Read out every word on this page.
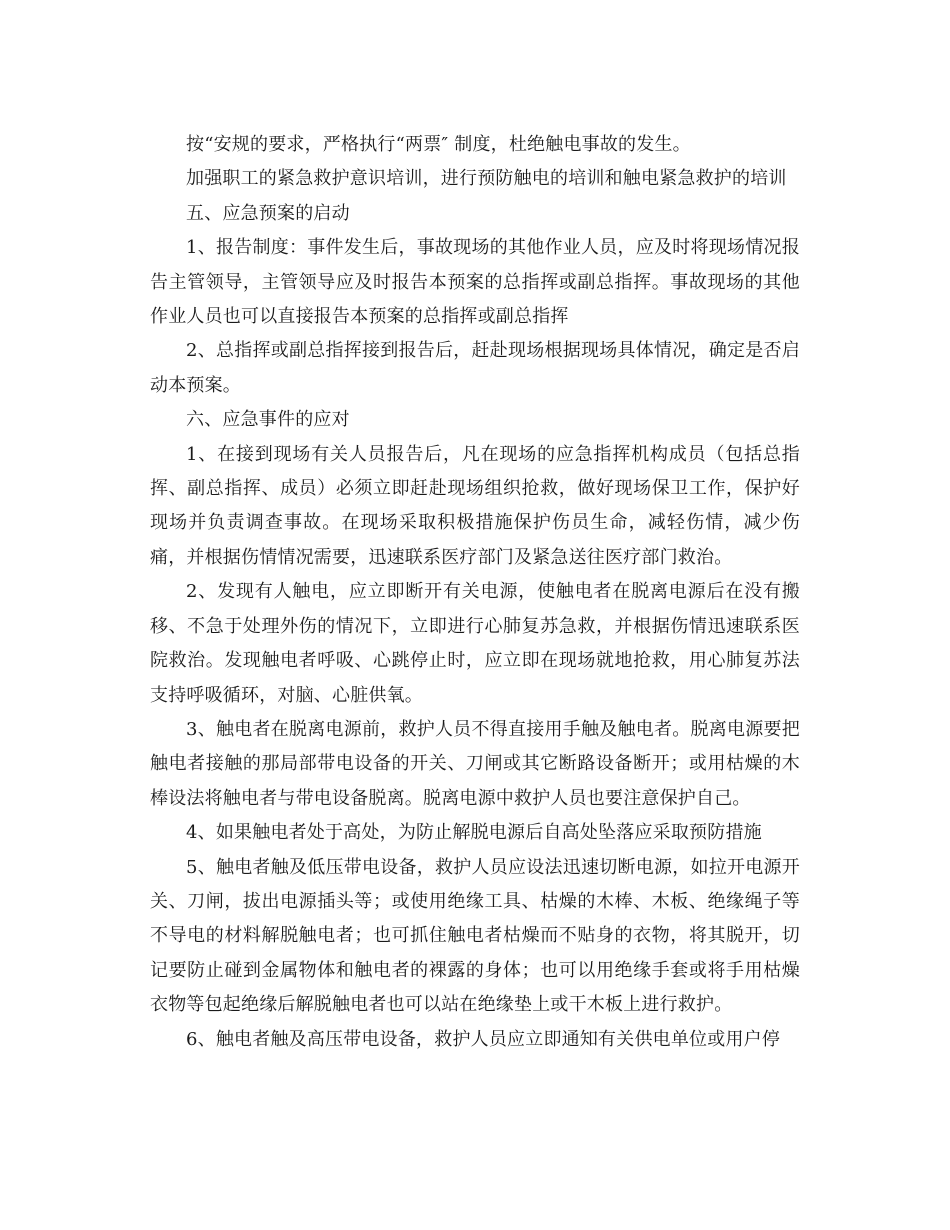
按“安规的要求，严格执行“两票″ 制度，杜绝触电事故的发生。

加强职工的紧急救护意识培训，进行预防触电的培训和触电紧急救护的培训

五、应急预案的启动

1、报告制度：事件发生后，事故现场的其他作业人员，应及时将现场情况报告主管领导，主管领导应及时报告本预案的总指挥或副总指挥。事故现场的其他作业人员也可以直接报告本预案的总指挥或副总指挥

2、总指挥或副总指挥接到报告后，赶赴现场根据现场具体情况，确定是否启动本预案。

六、应急事件的应对

1、在接到现场有关人员报告后，凡在现场的应急指挥机构成员（包括总指挥、副总指挥、成员）必须立即赶赴现场组织抢救，做好现场保卫工作，保护好现场并负责调查事故。在现场采取积极措施保护伤员生命，减轻伤情，减少伤痛，并根据伤情情况需要，迅速联系医疗部门及紧急送往医疗部门救治。

2、发现有人触电，应立即断开有关电源，使触电者在脱离电源后在没有搬移、不急于处理外伤的情况下，立即进行心肺复苏急救，并根据伤情迅速联系医院救治。发现触电者呼吸、心跳停止时，应立即在现场就地抢救，用心肺复苏法支持呼吸循环，对脑、心脏供氧。

3、触电者在脱离电源前，救护人员不得直接用手触及触电者。脱离电源要把触电者接触的那局部带电设备的开关、刀闸或其它断路设备断开；或用枯燥的木棒设法将触电者与带电设备脱离。脱离电源中救护人员也要注意保护自己。

4、如果触电者处于高处，为防止解脱电源后自高处坠落应采取预防措施

5、触电者触及低压带电设备，救护人员应设法迅速切断电源，如拉开电源开关、刀闸，拔出电源插头等；或使用绝缘工具、枯燥的木棒、木板、绝缘绳子等不导电的材料解脱触电者；也可抓住触电者枯燥而不贴身的衣物，将其脱开，切记要防止碰到金属物体和触电者的裸露的身体；也可以用绝缘手套或将手用枯燥衣物等包起绝缘后解脱触电者也可以站在绝缘垫上或干木板上进行救护。

6、触电者触及高压带电设备，救护人员应立即通知有关供电单位或用户停
